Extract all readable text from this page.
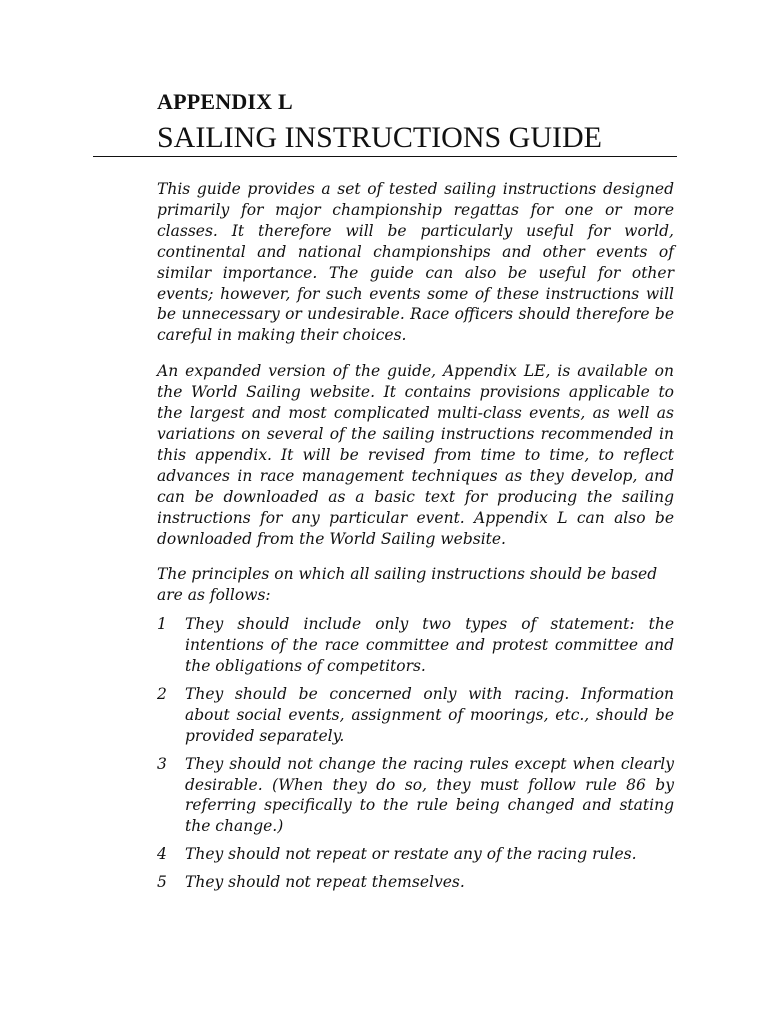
APPENDIX L
SAILING INSTRUCTIONS GUIDE

This guide provides a set of tested sailing instructions designed primarily for major championship regattas for one or more classes. It therefore will be particularly useful for world, continental and national championships and other events of similar importance. The guide can also be useful for other events; however, for such events some of these instructions will be unnecessary or undesirable. Race officers should therefore be careful in making their choices.

An expanded version of the guide, Appendix LE, is available on the World Sailing website. It contains provisions applicable to the largest and most complicated multi-class events, as well as variations on several of the sailing instructions recommended in this appendix. It will be revised from time to time, to reflect advances in race management techniques as they develop, and can be downloaded as a basic text for producing the sailing instructions for any particular event. Appendix L can also be downloaded from the World Sailing website.

The principles on which all sailing instructions should be based are as follows:

1 They should include only two types of statement: the intentions of the race committee and protest committee and the obligations of competitors.
2 They should be concerned only with racing. Information about social events, assignment of moorings, etc., should be provided separately.
3 They should not change the racing rules except when clearly desirable. (When they do so, they must follow rule 86 by referring specifically to the rule being changed and stating the change.)
4 They should not repeat or restate any of the racing rules.
5 They should not repeat themselves.
